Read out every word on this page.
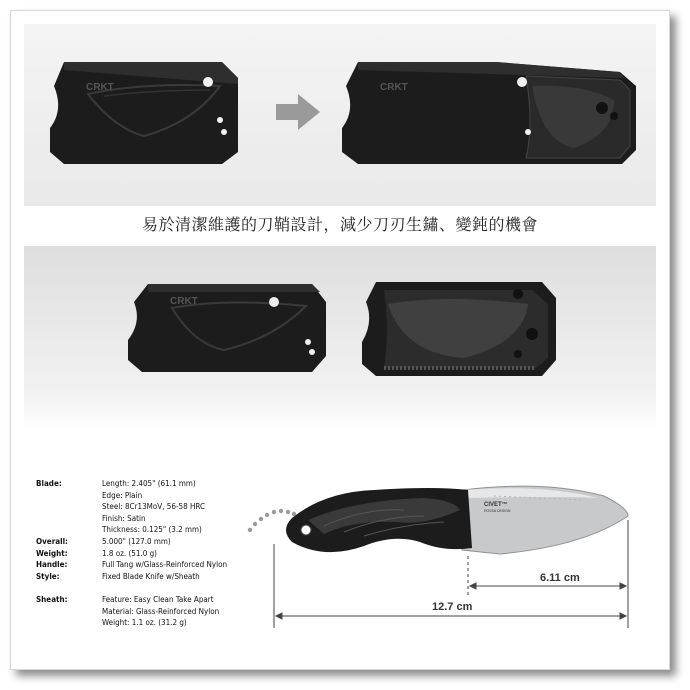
CRKT	CRKT
易於清潔維護的刀鞘設計，減少刀刃生鏽、變鈍的機會
CRKT
Blade:	Length: 2.405" (61.1 mm)
Edge: Plain
Steel: 8Cr13MoV, 56-58 HRC
Finish: Satin
Thickness: 0.125" (3.2 mm)
Overall:	5.000" (127.0 mm)
Weight:	1.8 oz. (51.0 g)
Handle:	Full Tang w/Glass-Reinforced Nylon
Style:	Fixed Blade Knife w/Sheath
Sheath:	Feature: Easy Clean Take Apart
Material: Glass-Reinforced Nylon
Weight: 1.1 oz. (31.2 g)
CIVET™
ROSSA DESIGN
6.11 cm
12.7 cm
